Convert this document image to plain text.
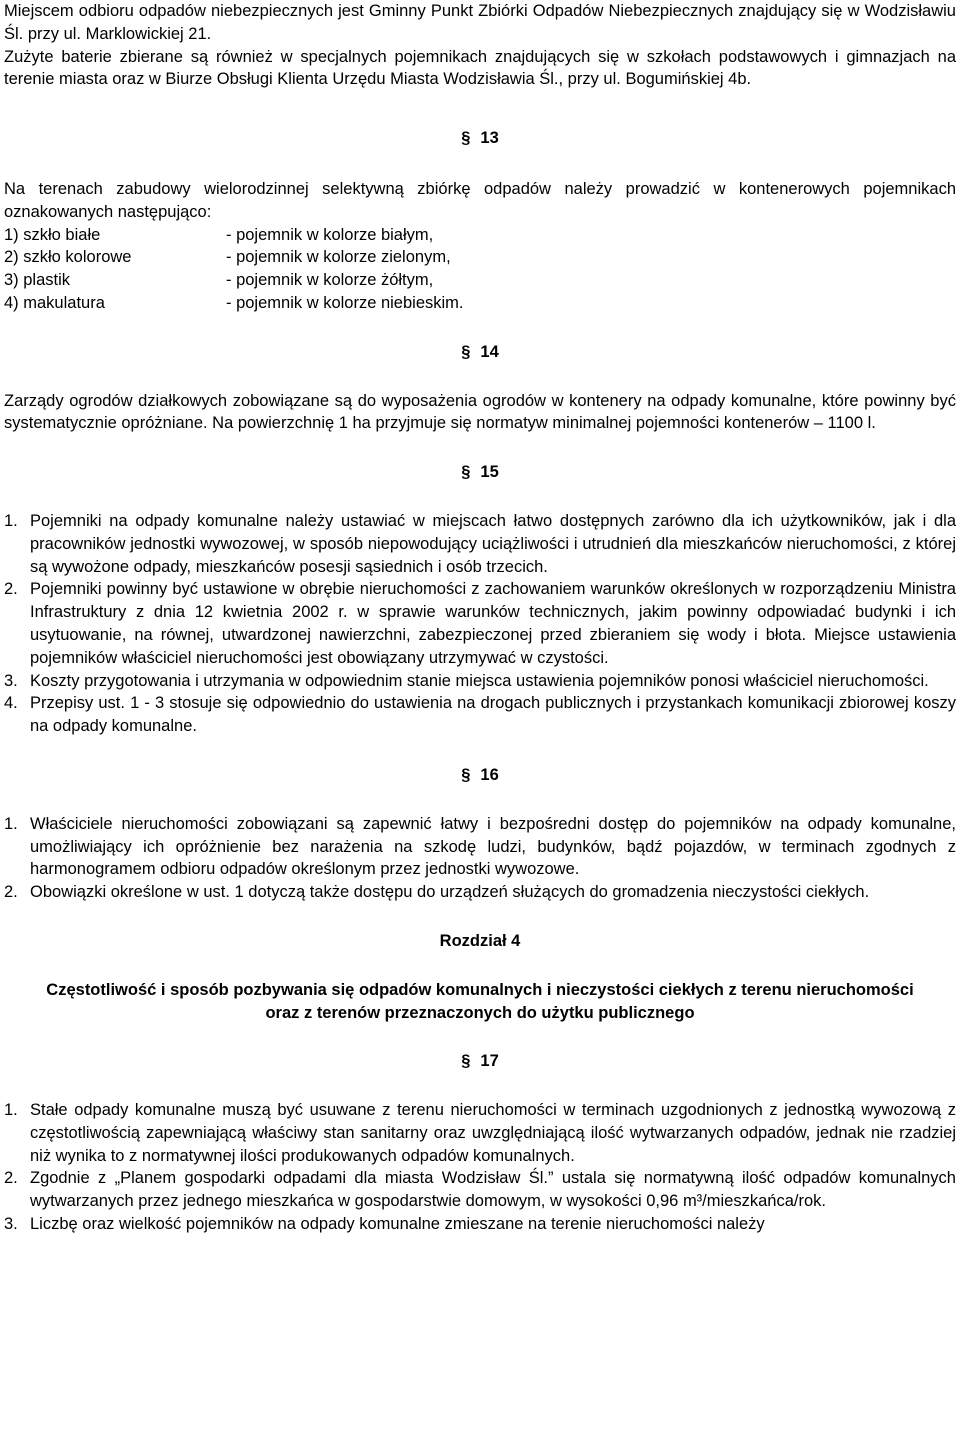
Miejscem odbioru odpadów niebezpiecznych jest Gminny Punkt Zbiórki Odpadów Niebezpiecznych znajdujący się w Wodzisławiu Śl. przy ul. Marklowickiej 21.

Zużyte baterie zbierane są również w specjalnych pojemnikach znajdujących się w szkołach podstawowych i gimnazjach na terenie miasta oraz w Biurze Obsługi Klienta Urzędu Miasta Wodzisławia Śl., przy ul. Bogumińskiej 4b.

§ 13

Na terenach zabudowy wielorodzinnej selektywną zbiórkę odpadów należy prowadzić w kontenerowych pojemnikach oznakowanych następująco:

1) szkło białe	- pojemnik w kolorze białym,
2) szkło kolorowe	- pojemnik w kolorze zielonym,
3) plastik	- pojemnik w kolorze żółtym,
4) makulatura	- pojemnik w kolorze niebieskim.

§ 14

Zarządy ogrodów działkowych zobowiązane są do wyposażenia ogrodów w kontenery na odpady komunalne, które powinny być systematycznie opróżniane. Na powierzchnię 1 ha przyjmuje się normatyw minimalnej pojemności kontenerów – 1100 l.

§ 15

1. Pojemniki na odpady komunalne należy ustawiać w miejscach łatwo dostępnych zarówno dla ich użytkowników, jak i dla pracowników jednostki wywozowej, w sposób niepowodujący uciążliwości i utrudnień dla mieszkańców nieruchomości, z której są wywożone odpady, mieszkańców posesji sąsiednich i osób trzecich.
2. Pojemniki powinny być ustawione w obrębie nieruchomości z zachowaniem warunków określonych w rozporządzeniu Ministra Infrastruktury z dnia 12 kwietnia 2002 r. w sprawie warunków technicznych, jakim powinny odpowiadać budynki i ich usytuowanie, na równej, utwardzonej nawierzchni, zabezpieczonej przed zbieraniem się wody i błota. Miejsce ustawienia pojemników właściciel nieruchomości jest obowiązany utrzymywać w czystości.
3. Koszty przygotowania i utrzymania w odpowiednim stanie miejsca ustawienia pojemników ponosi właściciel nieruchomości.
4. Przepisy ust. 1 - 3 stosuje się odpowiednio do ustawienia na drogach publicznych i przystankach komunikacji zbiorowej koszy na odpady komunalne.

§ 16

1. Właściciele nieruchomości zobowiązani są zapewnić łatwy i bezpośredni dostęp do pojemników na odpady komunalne, umożliwiający ich opróżnienie bez narażenia na szkodę ludzi, budynków, bądź pojazdów, w terminach zgodnych z harmonogramem odbioru odpadów określonym przez jednostki wywozowe.
2. Obowiązki określone w ust. 1 dotyczą także dostępu do urządzeń służących do gromadzenia nieczystości ciekłych.

Rozdział 4

Częstotliwość i sposób pozbywania się odpadów komunalnych i nieczystości ciekłych z terenu nieruchomości oraz z terenów przeznaczonych do użytku publicznego

§ 17

1. Stałe odpady komunalne muszą być usuwane z terenu nieruchomości w terminach uzgodnionych z jednostką wywozową z częstotliwością zapewniającą właściwy stan sanitarny oraz uwzględniającą ilość wytwarzanych odpadów, jednak nie rzadziej niż wynika to z normatywnej ilości produkowanych odpadów komunalnych.
2. Zgodnie z „Planem gospodarki odpadami dla miasta Wodzisław Śl.” ustala się normatywną ilość odpadów komunalnych wytwarzanych przez jednego mieszkańca w gospodarstwie domowym, w wysokości 0,96 m³/mieszkańca/rok.
3. Liczbę oraz wielkość pojemników na odpady komunalne zmieszane na terenie nieruchomości należy
